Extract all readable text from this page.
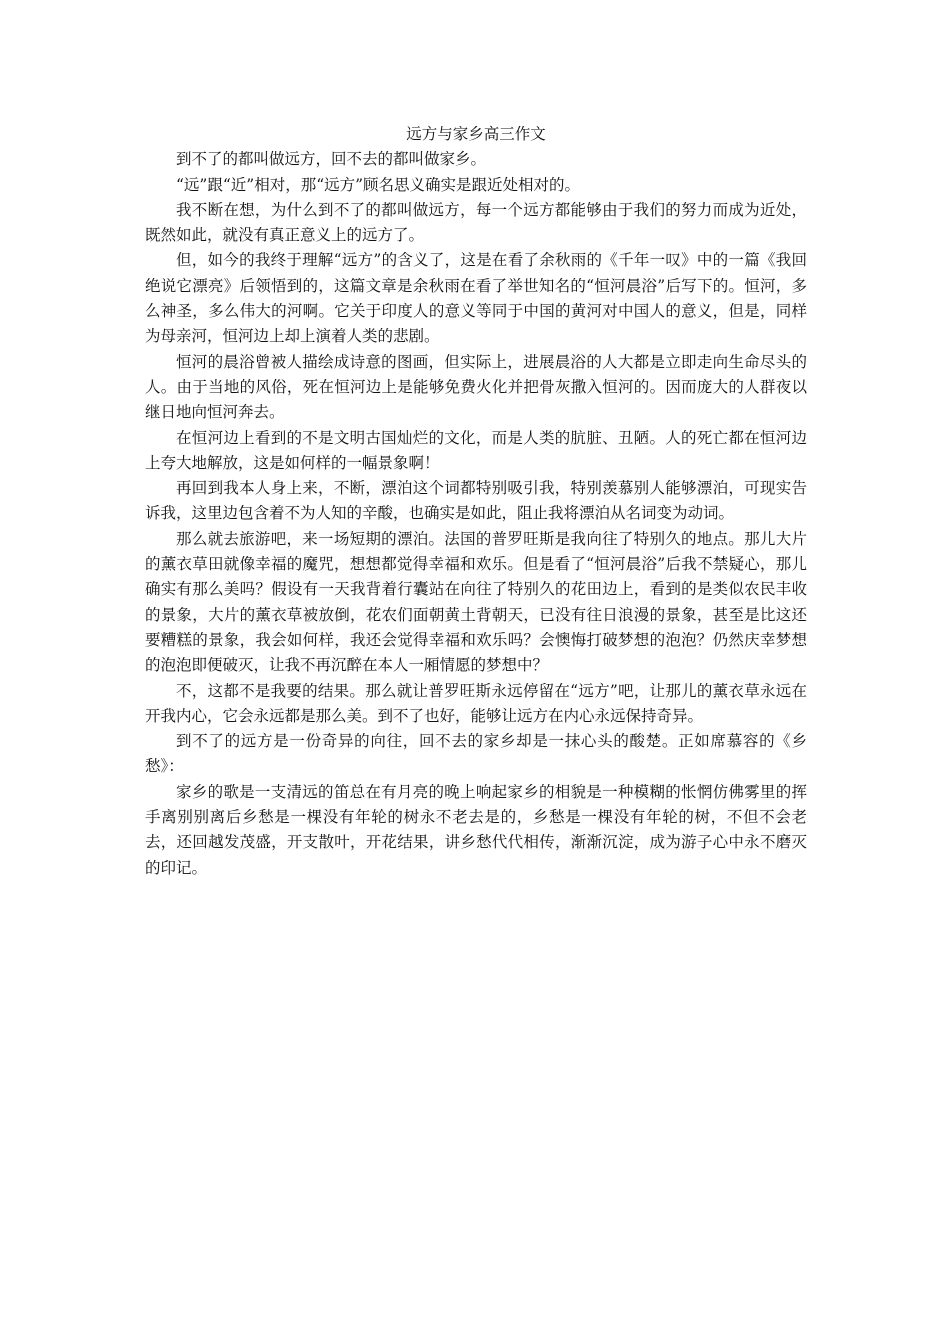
远方与家乡高三作文

到不了的都叫做远方，回不去的都叫做家乡。

“远”跟“近”相对，那“远方”顾名思义确实是跟近处相对的。

我不断在想，为什么到不了的都叫做远方，每一个远方都能够由于我们的努力而成为近处，既然如此，就没有真正意义上的远方了。

但，如今的我终于理解“远方”的含义了，这是在看了余秋雨的《千年一叹》中的一篇《我回绝说它漂亮》后领悟到的，这篇文章是余秋雨在看了举世知名的“恒河晨浴”后写下的。恒河，多么神圣，多么伟大的河啊。它关于印度人的意义等同于中国的黄河对中国人的意义，但是，同样为母亲河，恒河边上却上演着人类的悲剧。

恒河的晨浴曾被人描绘成诗意的图画，但实际上，进展晨浴的人大都是立即走向生命尽头的人。由于当地的风俗，死在恒河边上是能够免费火化并把骨灰撒入恒河的。因而庞大的人群夜以继日地向恒河奔去。

在恒河边上看到的不是文明古国灿烂的文化，而是人类的肮脏、丑陋。人的死亡都在恒河边上夸大地解放，这是如何样的一幅景象啊！

再回到我本人身上来，不断，漂泊这个词都特别吸引我，特别羡慕别人能够漂泊，可现实告诉我，这里边包含着不为人知的辛酸，也确实是如此，阻止我将漂泊从名词变为动词。

那么就去旅游吧，来一场短期的漂泊。法国的普罗旺斯是我向往了特别久的地点。那儿大片的薰衣草田就像幸福的魔咒，想想都觉得幸福和欢乐。但是看了“恒河晨浴”后我不禁疑心，那儿确实有那么美吗？假设有一天我背着行囊站在向往了特别久的花田边上，看到的是类似农民丰收的景象，大片的薰衣草被放倒，花农们面朝黄土背朝天，已没有往日浪漫的景象，甚至是比这还要糟糕的景象，我会如何样，我还会觉得幸福和欢乐吗？会懊悔打破梦想的泡泡？仍然庆幸梦想的泡泡即便破灭，让我不再沉醉在本人一厢情愿的梦想中？

不，这都不是我要的结果。那么就让普罗旺斯永远停留在“远方”吧，让那儿的薰衣草永远在开我内心，它会永远都是那么美。到不了也好，能够让远方在内心永远保持奇异。

到不了的远方是一份奇异的向往，回不去的家乡却是一抹心头的酸楚。正如席慕容的《乡愁》：

家乡的歌是一支清远的笛总在有月亮的晚上响起家乡的相貌是一种模糊的怅惘仿佛雾里的挥手离别别离后乡愁是一棵没有年轮的树永不老去是的，乡愁是一棵没有年轮的树，不但不会老去，还回越发茂盛，开支散叶，开花结果，讲乡愁代代相传，渐渐沉淀，成为游子心中永不磨灭的印记。
